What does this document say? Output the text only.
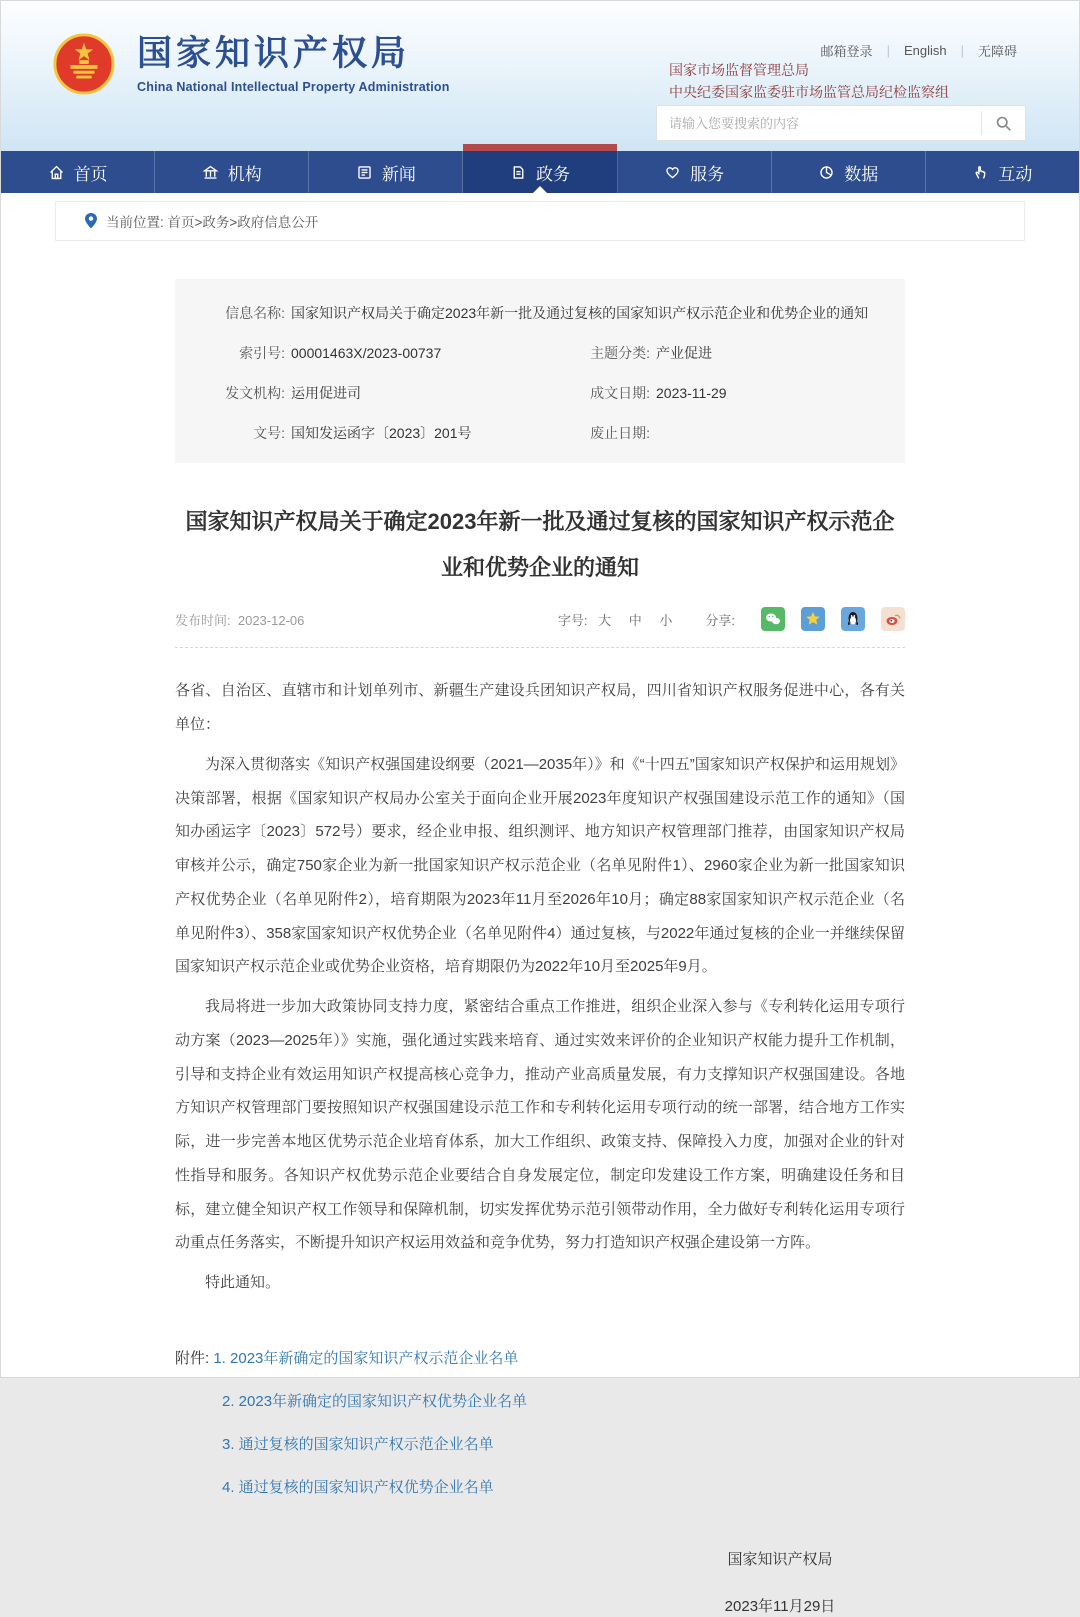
国家知识产权局
China National Intellectual Property Administration
邮箱登录	|	English	|	无障碍
国家市场监督管理总局
中央纪委国家监委驻市场监管总局纪检监察组
请输入您要搜索的内容
首页	机构	新闻	政务	服务	数据	互动
当前位置:
首页>政务>政府信息公开
信息名称: 国家知识产权局关于确定2023年新一批及通过复核的国家知识产权示范企业和优势企业的通知
索引号: 00001463X/2023-00737	主题分类: 产业促进
发文机构: 运用促进司	成文日期: 2023-11-29
文号: 国知发运函字〔2023〕201号	废止日期:
国家知识产权局关于确定2023年新一批及通过复核的国家知识产权示范企业和优势企业的通知
发布时间: 2023-12-06	字号: 大 中 小	分享:

各省、自治区、直辖市和计划单列市、新疆生产建设兵团知识产权局，四川省知识产权服务促进中心，各有关单位：

为深入贯彻落实《知识产权强国建设纲要（2021—2035年）》和《“十四五”国家知识产权保护和运用规划》决策部署，根据《国家知识产权局办公室关于面向企业开展2023年度知识产权强国建设示范工作的通知》（国知办函运字〔2023〕572号）要求，经企业申报、组织测评、地方知识产权管理部门推荐，由国家知识产权局审核并公示，确定750家企业为新一批国家知识产权示范企业（名单见附件1）、2960家企业为新一批国家知识产权优势企业（名单见附件2），培育期限为2023年11月至2026年10月；确定88家国家知识产权示范企业（名单见附件3）、358家国家知识产权优势企业（名单见附件4）通过复核，与2022年通过复核的企业一并继续保留国家知识产权示范企业或优势企业资格，培育期限仍为2022年10月至2025年9月。

我局将进一步加大政策协同支持力度，紧密结合重点工作推进，组织企业深入参与《专利转化运用专项行动方案（2023—2025年）》实施，强化通过实践来培育、通过实效来评价的企业知识产权能力提升工作机制，引导和支持企业有效运用知识产权提高核心竞争力，推动产业高质量发展，有力支撑知识产权强国建设。各地方知识产权管理部门要按照知识产权强国建设示范工作和专利转化运用专项行动的统一部署，结合地方工作实际，进一步完善本地区优势示范企业培育体系，加大工作组织、政策支持、保障投入力度，加强对企业的针对性指导和服务。各知识产权优势示范企业要结合自身发展定位，制定印发建设工作方案，明确建设任务和目标，建立健全知识产权工作领导和保障机制，切实发挥优势示范引领带动作用，全力做好专利转化运用专项行动重点任务落实，不断提升知识产权运用效益和竞争优势，努力打造知识产权强企建设第一方阵。

特此通知。

附件: 1. 2023年新确定的国家知识产权示范企业名单
2. 2023年新确定的国家知识产权优势企业名单
3. 通过复核的国家知识产权示范企业名单
4. 通过复核的国家知识产权优势企业名单
国家知识产权局
2023年11月29日
